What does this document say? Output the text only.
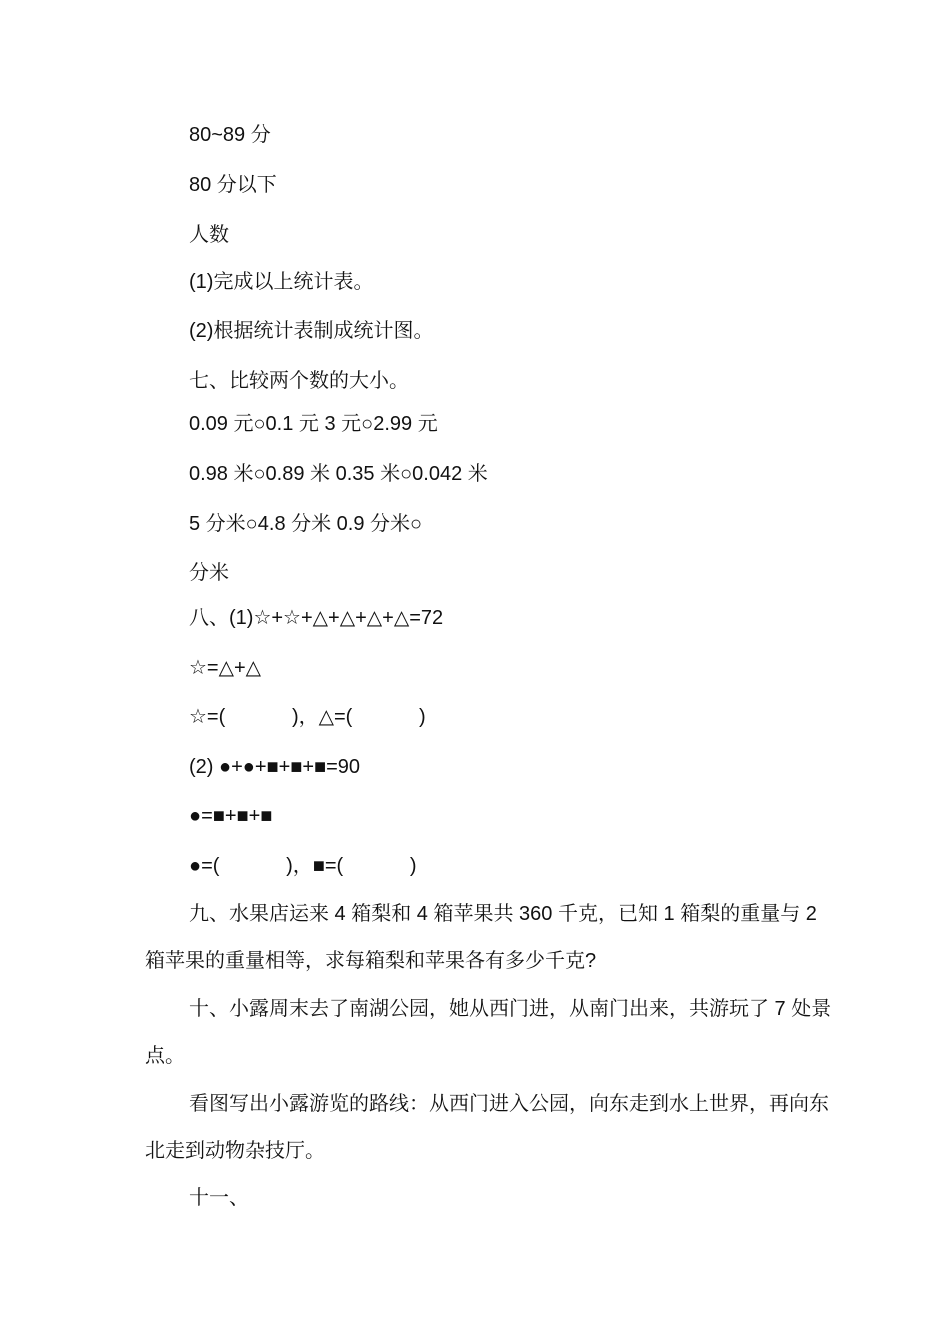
80~89 分

80 分以下

人数

(1)完成以上统计表。

(2)根据统计表制成统计图。

七、比较两个数的大小。

0.09 元○0.1 元 3 元○2.99 元

0.98 米○0.89 米 0.35 米○0.042 米

5 分米○4.8 分米 0.9 分米○

分米

八、(1)☆+☆+△+△+△+△=72

☆=△+△

☆=(            )，△=(            )

(2) ●+●+■+■+■=90

●=■+■+■

●=(            )，■=(            )

九、水果店运来 4 箱梨和 4 箱苹果共 360 千克，已知 1 箱梨的重量与 2 箱苹果的重量相等，求每箱梨和苹果各有多少千克?

十、小露周末去了南湖公园，她从西门进，从南门出来，共游玩了 7 处景点。

看图写出小露游览的路线：从西门进入公园，向东走到水上世界，再向东北走到动物杂技厅。

十一、
